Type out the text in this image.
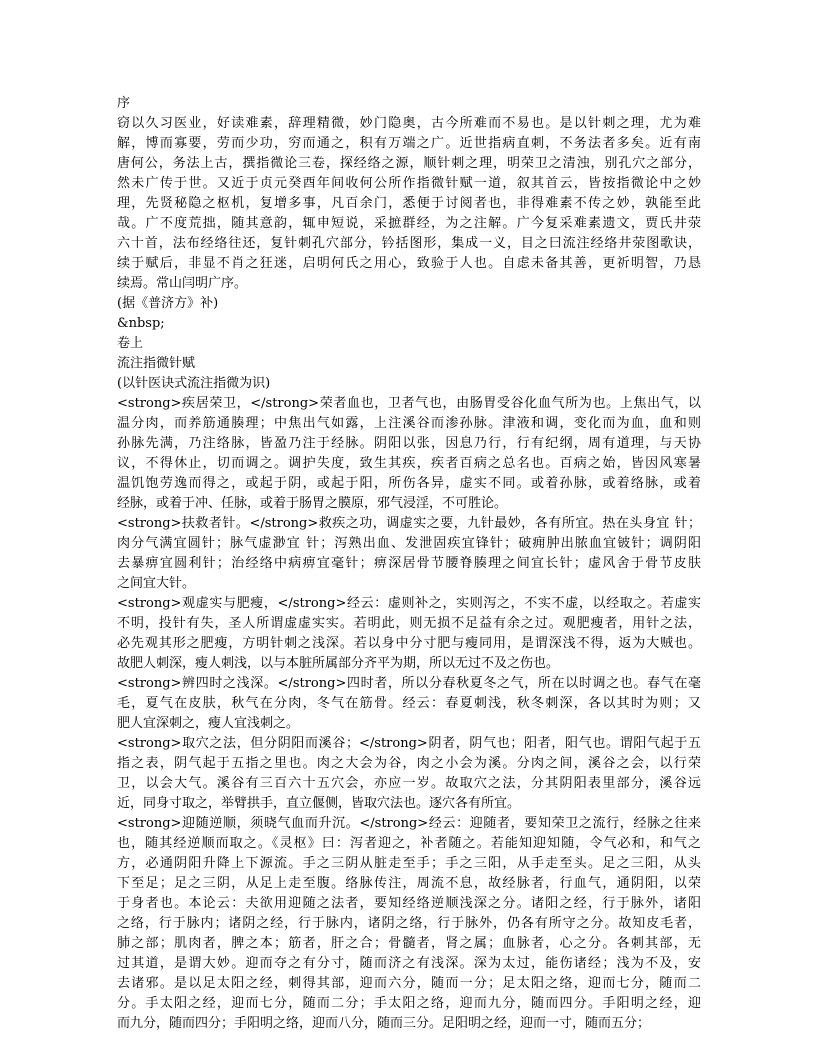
序
窃以久习医业，好读难素，辞理精微，妙门隐奥，古今所难而不易也。是以针刺之理，尤为难
解，博而寡要，劳而少功，穷而通之，积有万端之广。近世指病直刺，不务法者多矣。近有南
唐何公，务法上古，撰指微论三卷，探经络之源，顺针刺之理，明荣卫之清浊，别孔穴之部分，
然未广传于世。又近于贞元癸酉年间收何公所作指微针赋一道，叙其首云，皆按指微论中之妙
理，先贤秘隐之枢机，复增多事，凡百余门，悉便于讨阅者也，非得难素不传之妙，孰能至此
哉。广不度荒拙，随其意韵，辄申短说，采摭群经，为之注解。广今复采难素遗文，贾氏井荥
六十首，法布经络往还，复针刺孔穴部分，钤括图形，集成一义，目之曰流注经络井荥图歌诀，
续于赋后，非显不肖之狂迷，启明何氏之用心，致验于人也。自虑未备其善，更祈明智，乃恳
续焉。常山闫明广序。
(据《普济方》补)
&nbsp;
卷上
流注指微针赋
(以针医诀式流注指微为识)
<strong>疾居荣卫，</strong>荣者血也，卫者气也，由肠胃受谷化血气所为也。上焦出气，以
温分肉，而养筋通腠理；中焦出气如露，上注溪谷而渗孙脉。津液和调，变化而为血，血和则
孙脉先满，乃注络脉，皆盈乃注于经脉。阴阳以张，因息乃行，行有纪纲，周有道理，与天协
议，不得休止，切而调之。调护失度，致生其疾，疾者百病之总名也。百病之始，皆因风寒暑
温饥饱劳逸而得之，或起于阴，或起于阳，所伤各异，虚实不同。或着孙脉，或着络脉，或着
经脉，或着于冲、任脉，或着于肠胃之膜原，邪气浸淫，不可胜论。
<strong>扶救者针。</strong>救疾之功，调虚实之要，九针最妙，各有所宜。热在头身宜 针；
肉分气满宜圆针；脉气虚渺宜 针；泻熟出血、发泄固疾宜锋针；破痈肿出脓血宜铍针；调阴阳
去暴痹宜圆利针；治经络中病痹宜毫针；痹深居骨节腰脊腠理之间宜长针；虚风舍于骨节皮肤
之间宜大针。
<strong>观虚实与肥瘦，</strong>经云：虚则补之，实则泻之，不实不虚，以经取之。若虚实
不明，投针有失，圣人所谓虚虚实实。若明此，则无损不足益有余之过。观肥瘦者，用针之法，
必先观其形之肥瘦，方明针刺之浅深。若以身中分寸肥与瘦同用，是谓深浅不得，返为大贼也。
故肥人刺深，瘦人刺浅，以与本脏所属部分齐平为期，所以无过不及之伤也。
<strong>辨四时之浅深。</strong>四时者，所以分春秋夏冬之气，所在以时调之也。春气在毫
毛，夏气在皮肤，秋气在分肉，冬气在筋骨。经云：春夏刺浅，秋冬刺深，各以其时为则；又
肥人宜深刺之，瘦人宜浅刺之。
<strong>取穴之法，但分阴阳而溪谷；</strong>阴者，阴气也；阳者，阳气也。谓阳气起于五
指之表，阴气起于五指之里也。肉之大会为谷，肉之小会为溪。分肉之间，溪谷之会，以行荣
卫，以会大气。溪谷有三百六十五穴会，亦应一岁。故取穴之法，分其阴阳表里部分，溪谷远
近，同身寸取之，举臂拱手，直立偃侧，皆取穴法也。逐穴各有所宜。
<strong>迎随逆顺，须晓气血而升沉。</strong>经云：迎随者，要知荣卫之流行，经脉之往来
也，随其经逆顺而取之。《灵枢》曰：泻者迎之，补者随之。若能知迎知随，令气必和，和气之
方，必通阴阳升降上下源流。手之三阴从脏走至手；手之三阳，从手走至头。足之三阳，从头
下至足；足之三阴，从足上走至腹。络脉传注，周流不息，故经脉者，行血气，通阴阳，以荣
于身者也。本论云：夫欲用迎随之法者，要知经络逆顺浅深之分。诸阳之经，行于脉外，诸阳
之络，行于脉内；诸阴之经，行于脉内，诸阴之络，行于脉外，仍各有所守之分。故知皮毛者，
肺之部；肌肉者，脾之本；筋者，肝之合；骨髓者，肾之属；血脉者，心之分。各刺其部，无
过其道，是谓大妙。迎而夺之有分寸，随而济之有浅深。深为太过，能伤诸经；浅为不及，安
去诸邪。是以足太阳之经，刺得其部，迎而六分，随而一分；足太阳之络，迎而七分，随而二
分。手太阳之经，迎而七分，随而二分；手太阳之络，迎而九分，随而四分。手阳明之经，迎
而九分，随而四分；手阳明之络，迎而八分，随而三分。足阳明之经，迎而一寸，随而五分；
